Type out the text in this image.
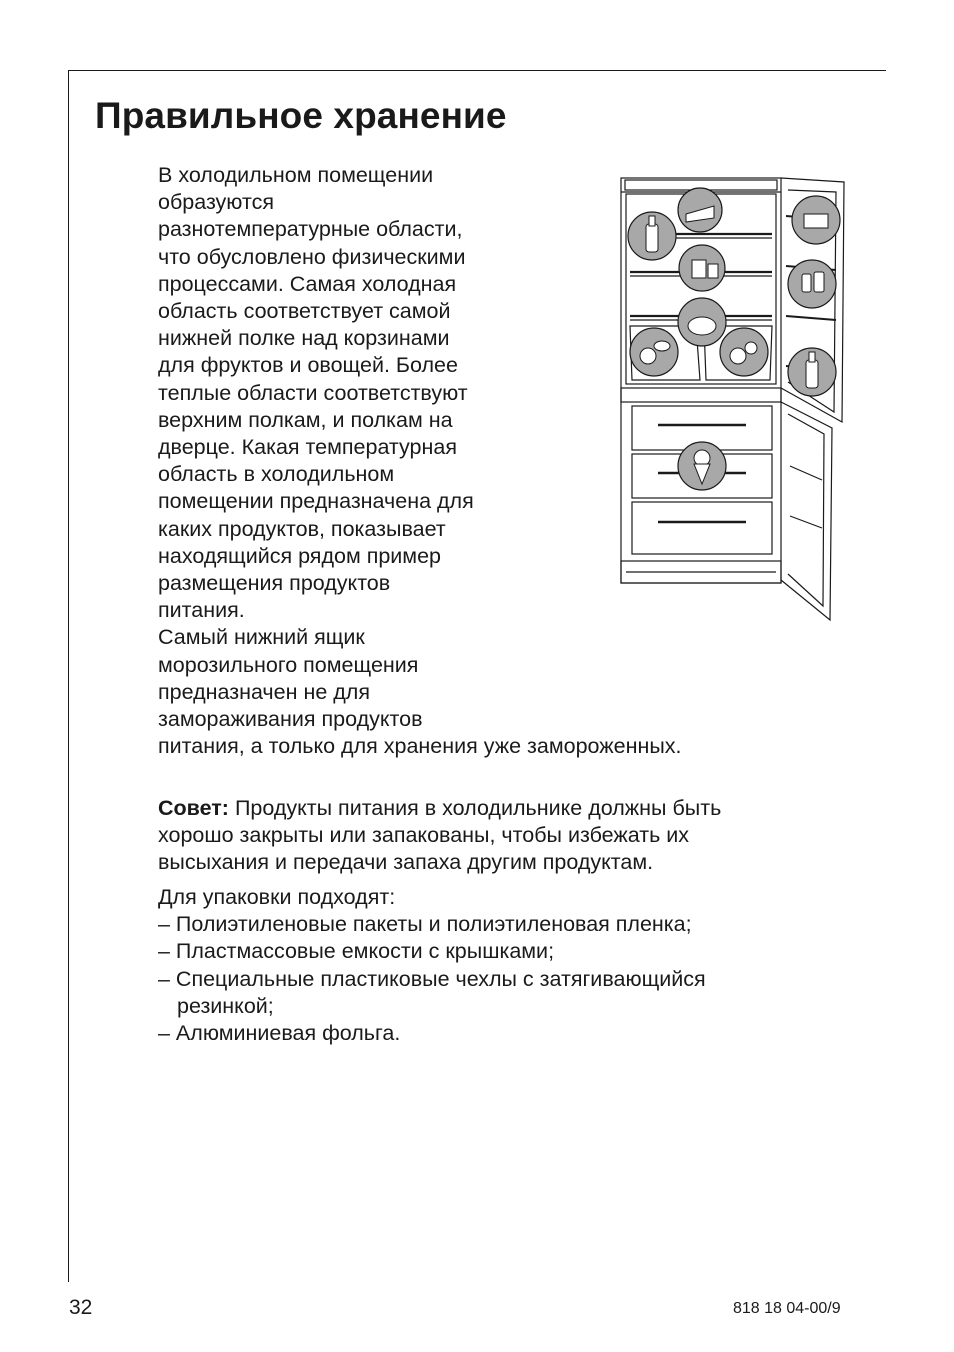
Правильное хранение
В холодильном помещении
образуются
разнотемпературные области,
что обусловлено физическими
процессами. Самая холодная
область соответствует самой
нижней полке над корзинами
для фруктов и овощей. Более
теплые области соответствуют
верхним полкам, и полкам на
дверце. Какая температурная
область в холодильном
помещении предназначена для
каких продуктов, показывает
находящийся рядом пример
размещения продуктов
питания.
Самый нижний ящик
морозильного помещения
предназначен не для
замораживания продуктов
питания, а только для хранения уже замороженных.
Совет: Продукты питания в холодильнике должны быть
хорошо закрыты или запакованы, чтобы избежать их
высыхания и передачи запаха другим продуктам.
Для упаковки подходят:
– Полиэтиленовые пакеты и полиэтиленовая пленка;
– Пластмассовые емкости с крышками;
– Специальные пластиковые чехлы с затягивающийся
резинкой;
– Алюминиевая фольга.
32	818 18 04-00/9
